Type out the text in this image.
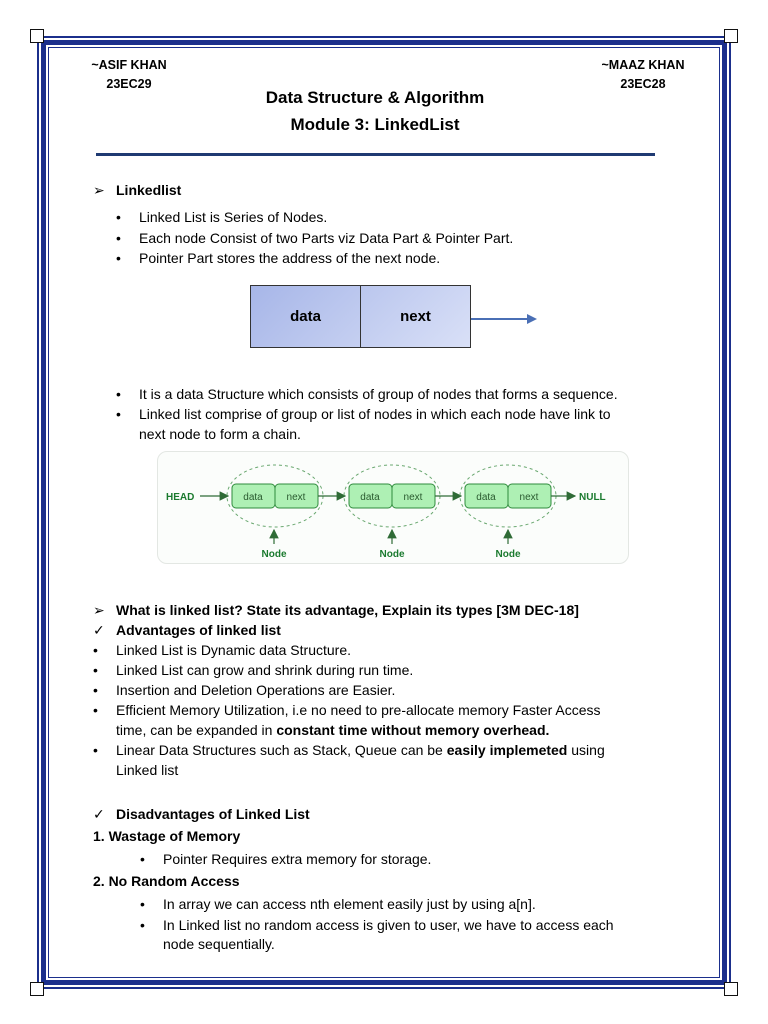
~ASIF KHAN
23EC29
~MAAZ KHAN
23EC28
Data Structure & Algorithm
Module 3: LinkedList
➢ Linkedlist
• Linked List is Series of Nodes.
• Each node Consist of two Parts viz Data Part & Pointer Part.
• Pointer Part stores the address of the next node.
data	next
• It is a data Structure which consists of group of nodes that forms a sequence.
• Linked list comprise of group or list of nodes in which each node have link to
next node to form a chain.
HEAD	data next	data next	data next	NULL
Node	Node	Node
➢ What is linked list? State its advantage, Explain its types [3M DEC-18]
✓ Advantages of linked list
• Linked List is Dynamic data Structure.
• Linked List can grow and shrink during run time.
• Insertion and Deletion Operations are Easier.
• Efficient Memory Utilization, i.e no need to pre-allocate memory Faster Access
time, can be expanded in constant time without memory overhead.
• Linear Data Structures such as Stack, Queue can be easily implemeted using
Linked list
✓ Disadvantages of Linked List
1. Wastage of Memory
• Pointer Requires extra memory for storage.
2. No Random Access
• In array we can access nth element easily just by using a[n].
• In Linked list no random access is given to user, we have to access each
node sequentially.
